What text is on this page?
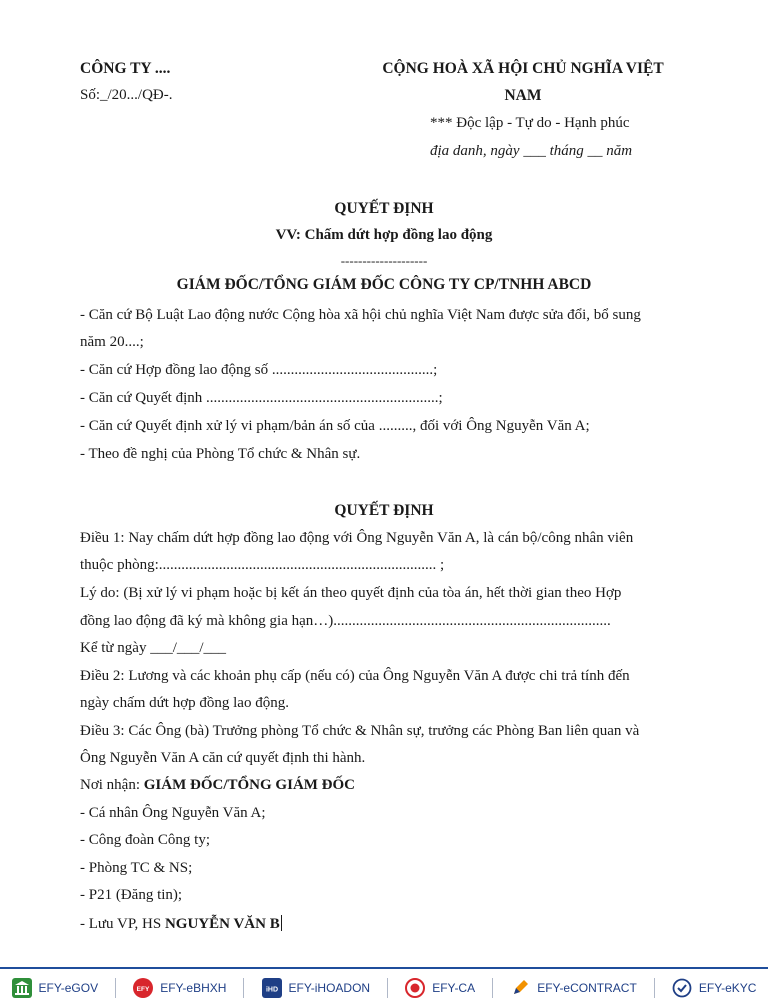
CÔNG TY ....
Số:_/20.../QĐ-.
CỘNG HOÀ XÃ HỘI CHỦ NGHĨA VIỆT
NAM
*** Độc lập - Tự do - Hạnh phúc
địa danh, ngày ___ tháng __ năm
QUYẾT ĐỊNH
VV: Chấm dứt hợp đồng lao động
--------------------
GIÁM ĐỐC/TỔNG GIÁM ĐỐC CÔNG TY CP/TNHH ABCD
- Căn cứ Bộ Luật Lao động nước Cộng hòa xã hội chủ nghĩa Việt Nam được sửa đổi, bổ sung
năm 20....;
- Căn cứ Hợp đồng lao động số ...........................................;
- Căn cứ Quyết định ..............................................................;
- Căn cứ Quyết định xử lý vi phạm/bản án số của ........., đối với Ông Nguyễn Văn A;
- Theo đề nghị của Phòng Tổ chức & Nhân sự.
QUYẾT ĐỊNH
Điều 1: Nay chấm dứt hợp đồng lao động với Ông Nguyễn Văn A, là cán bộ/công nhân viên
thuộc phòng:.......................................................................... ;
Lý do: (Bị xử lý vi phạm hoặc bị kết án theo quyết định của tòa án, hết thời gian theo Hợp
đồng lao động đã ký mà không gia hạn…)..........................................................................
Kể từ ngày ___/___/___
Điều 2: Lương và các khoản phụ cấp (nếu có) của Ông Nguyễn Văn A được chi trả tính đến
ngày chấm dứt hợp đồng lao động.
Điều 3: Các Ông (bà) Trưởng phòng Tổ chức & Nhân sự, trưởng các Phòng Ban liên quan và
Ông Nguyễn Văn A căn cứ quyết định thi hành.
Nơi nhận: GIÁM ĐỐC/TỔNG GIÁM ĐỐC
- Cá nhân Ông Nguyễn Văn A;
- Công đoàn Công ty;
- Phòng TC & NS;
- P21 (Đăng tin);
- Lưu VP, HS NGUYỄN VĂN B
EFY-eGOV	EFY EFY-eBHXH	iHD EFY-iHOADON	EFY-CA	EFY-eCONTRACT	EFY-eKYC
